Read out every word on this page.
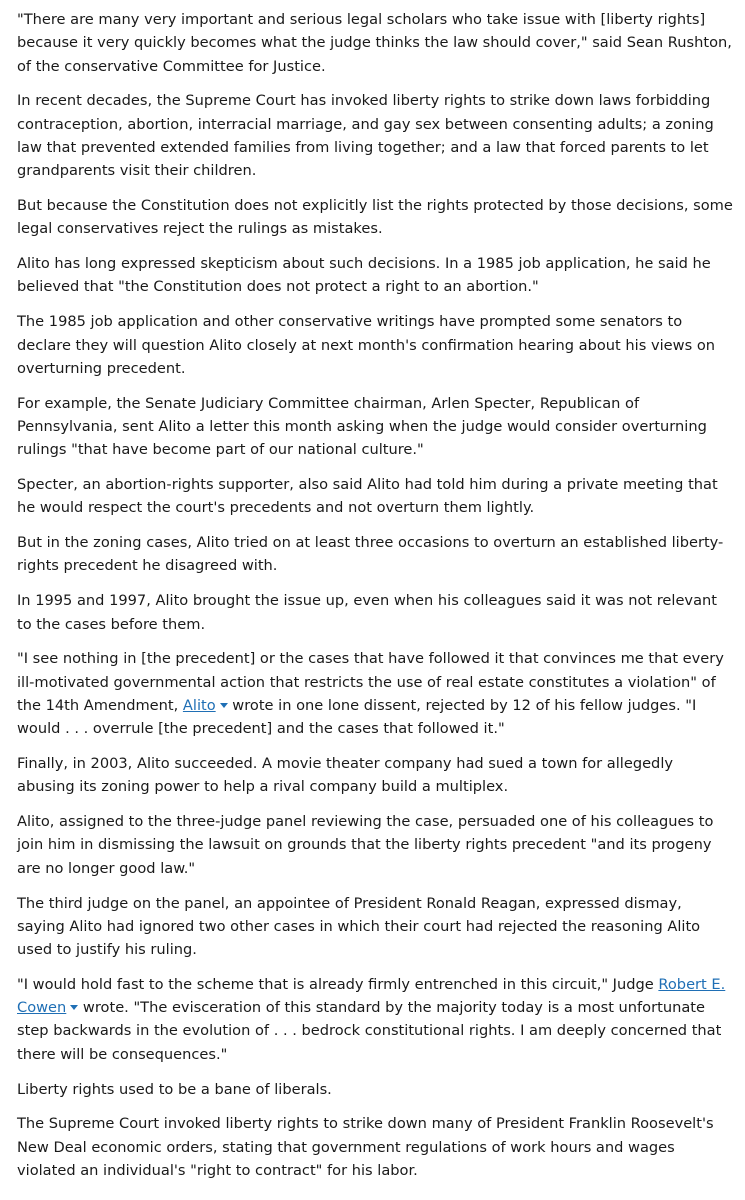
"There are many very important and serious legal scholars who take issue with [liberty rights] because it very quickly becomes what the judge thinks the law should cover," said Sean Rushton, of the conservative Committee for Justice.

In recent decades, the Supreme Court has invoked liberty rights to strike down laws forbidding contraception, abortion, interracial marriage, and gay sex between consenting adults; a zoning law that prevented extended families from living together; and a law that forced parents to let grandparents visit their children.

But because the Constitution does not explicitly list the rights protected by those decisions, some legal conservatives reject the rulings as mistakes.

Alito has long expressed skepticism about such decisions. In a 1985 job application, he said he believed that "the Constitution does not protect a right to an abortion."

The 1985 job application and other conservative writings have prompted some senators to declare they will question Alito closely at next month's confirmation hearing about his views on overturning precedent.

For example, the Senate Judiciary Committee chairman, Arlen Specter, Republican of Pennsylvania, sent Alito a letter this month asking when the judge would consider overturning rulings "that have become part of our national culture."

Specter, an abortion-rights supporter, also said Alito had told him during a private meeting that he would respect the court's precedents and not overturn them lightly.

But in the zoning cases, Alito tried on at least three occasions to overturn an established liberty-rights precedent he disagreed with.

In 1995 and 1997, Alito brought the issue up, even when his colleagues said it was not relevant to the cases before them.

"I see nothing in [the precedent] or the cases that have followed it that convinces me that every ill-motivated governmental action that restricts the use of real estate constitutes a violation" of the 14th Amendment, Alito wrote in one lone dissent, rejected by 12 of his fellow judges. "I would . . . overrule [the precedent] and the cases that followed it."

Finally, in 2003, Alito succeeded. A movie theater company had sued a town for allegedly abusing its zoning power to help a rival company build a multiplex.

Alito, assigned to the three-judge panel reviewing the case, persuaded one of his colleagues to join him in dismissing the lawsuit on grounds that the liberty rights precedent "and its progeny are no longer good law."

The third judge on the panel, an appointee of President Ronald Reagan, expressed dismay, saying Alito had ignored two other cases in which their court had rejected the reasoning Alito used to justify his ruling.

"I would hold fast to the scheme that is already firmly entrenched in this circuit," Judge Robert E. Cowen wrote. "The evisceration of this standard by the majority today is a most unfortunate step backwards in the evolution of . . . bedrock constitutional rights. I am deeply concerned that there will be consequences."

Liberty rights used to be a bane of liberals.

The Supreme Court invoked liberty rights to strike down many of President Franklin Roosevelt's New Deal economic orders, stating that government regulations of work hours and wages violated an individual's "right to contract" for his labor.
